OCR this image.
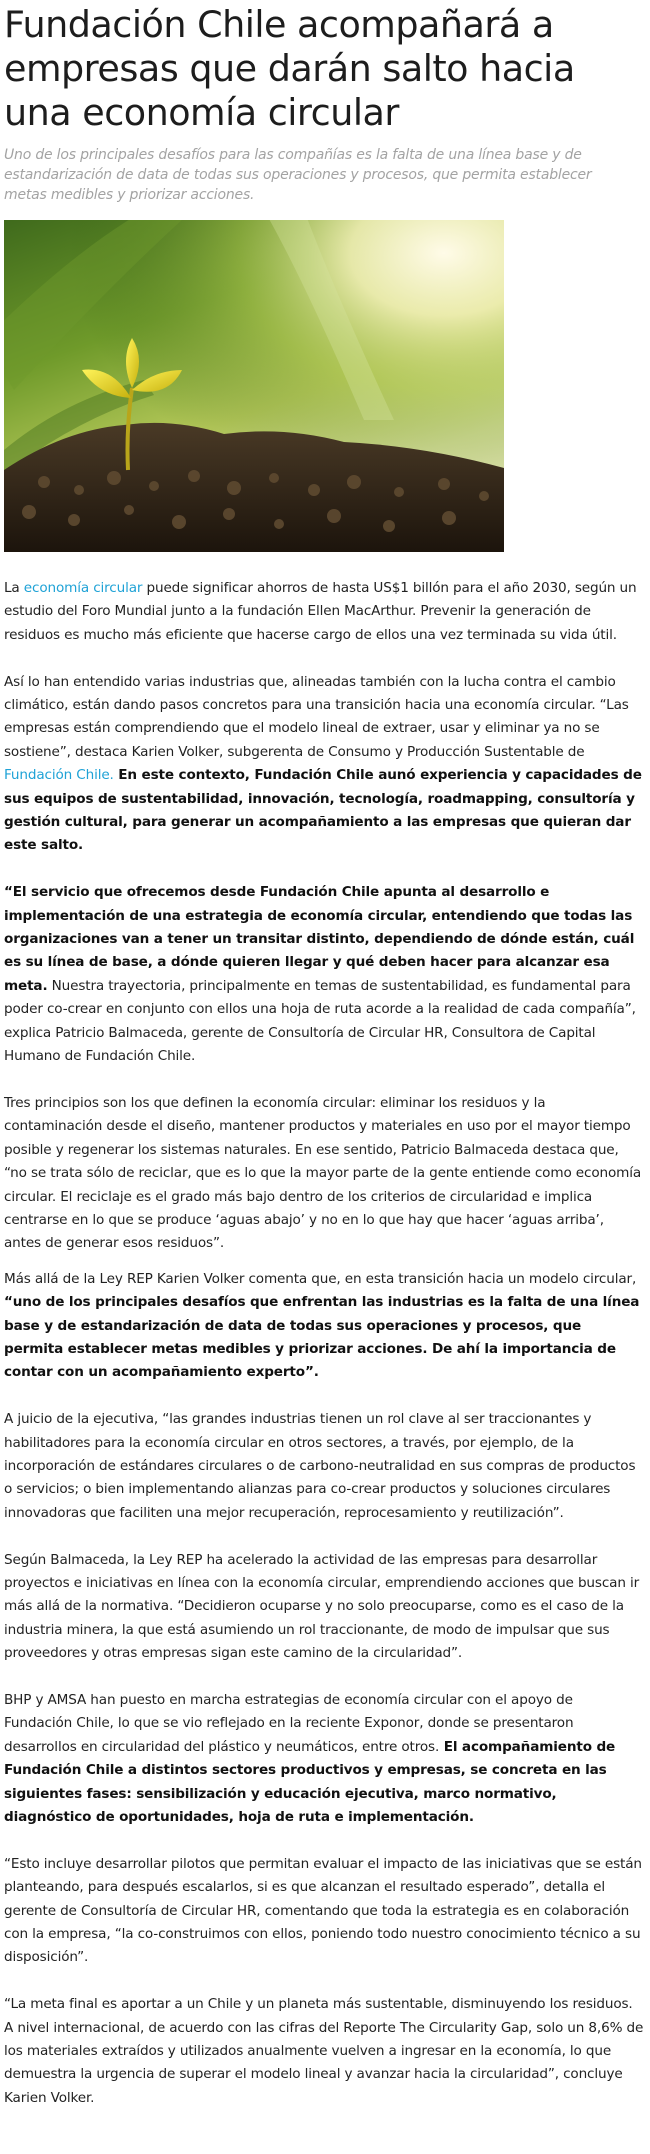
Fundación Chile acompañará a empresas que darán salto hacia una economía circular

Uno de los principales desafíos para las compañías es la falta de una línea base y de estandarización de data de todas sus operaciones y procesos, que permita establecer metas medibles y priorizar acciones.

La economía circular puede significar ahorros de hasta US$1 billón para el año 2030, según un estudio del Foro Mundial junto a la fundación Ellen MacArthur. Prevenir la generación de residuos es mucho más eficiente que hacerse cargo de ellos una vez terminada su vida útil.

Así lo han entendido varias industrias que, alineadas también con la lucha contra el cambio climático, están dando pasos concretos para una transición hacia una economía circular. “Las empresas están comprendiendo que el modelo lineal de extraer, usar y eliminar ya no se sostiene”, destaca Karien Volker, subgerenta de Consumo y Producción Sustentable de Fundación Chile. En este contexto, Fundación Chile aunó experiencia y capacidades de sus equipos de sustentabilidad, innovación, tecnología, roadmapping, consultoría y gestión cultural, para generar un acompañamiento a las empresas que quieran dar este salto.

“El servicio que ofrecemos desde Fundación Chile apunta al desarrollo e implementación de una estrategia de economía circular, entendiendo que todas las organizaciones van a tener un transitar distinto, dependiendo de dónde están, cuál es su línea de base, a dónde quieren llegar y qué deben hacer para alcanzar esa meta. Nuestra trayectoria, principalmente en temas de sustentabilidad, es fundamental para poder co-crear en conjunto con ellos una hoja de ruta acorde a la realidad de cada compañía”, explica Patricio Balmaceda, gerente de Consultoría de Circular HR, Consultora de Capital Humano de Fundación Chile.

Tres principios son los que definen la economía circular: eliminar los residuos y la contaminación desde el diseño, mantener productos y materiales en uso por el mayor tiempo posible y regenerar los sistemas naturales. En ese sentido, Patricio Balmaceda destaca que, “no se trata sólo de reciclar, que es lo que la mayor parte de la gente entiende como economía circular. El reciclaje es el grado más bajo dentro de los criterios de circularidad e implica centrarse en lo que se produce ‘aguas abajo’ y no en lo que hay que hacer ‘aguas arriba’, antes de generar esos residuos”.

Más allá de la Ley REP Karien Volker comenta que, en esta transición hacia un modelo circular, “uno de los principales desafíos que enfrentan las industrias es la falta de una línea base y de estandarización de data de todas sus operaciones y procesos, que permita establecer metas medibles y priorizar acciones. De ahí la importancia de contar con un acompañamiento experto”.

A juicio de la ejecutiva, “las grandes industrias tienen un rol clave al ser traccionantes y habilitadores para la economía circular en otros sectores, a través, por ejemplo, de la incorporación de estándares circulares o de carbono-neutralidad en sus compras de productos o servicios; o bien implementando alianzas para co-crear productos y soluciones circulares innovadoras que faciliten una mejor recuperación, reprocesamiento y reutilización”.

Según Balmaceda, la Ley REP ha acelerado la actividad de las empresas para desarrollar proyectos e iniciativas en línea con la economía circular, emprendiendo acciones que buscan ir más allá de la normativa. “Decidieron ocuparse y no solo preocuparse, como es el caso de la industria minera, la que está asumiendo un rol traccionante, de modo de impulsar que sus proveedores y otras empresas sigan este camino de la circularidad”.

BHP y AMSA han puesto en marcha estrategias de economía circular con el apoyo de Fundación Chile, lo que se vio reflejado en la reciente Exponor, donde se presentaron desarrollos en circularidad del plástico y neumáticos, entre otros. El acompañamiento de Fundación Chile a distintos sectores productivos y empresas, se concreta en las siguientes fases: sensibilización y educación ejecutiva, marco normativo, diagnóstico de oportunidades, hoja de ruta e implementación.

“Esto incluye desarrollar pilotos que permitan evaluar el impacto de las iniciativas que se están planteando, para después escalarlos, si es que alcanzan el resultado esperado”, detalla el gerente de Consultoría de Circular HR, comentando que toda la estrategia es en colaboración con la empresa, “la co-construimos con ellos, poniendo todo nuestro conocimiento técnico a su disposición”.

“La meta final es aportar a un Chile y un planeta más sustentable, disminuyendo los residuos. A nivel internacional, de acuerdo con las cifras del Reporte The Circularity Gap, solo un 8,6% de los materiales extraídos y utilizados anualmente vuelven a ingresar en la economía, lo que demuestra la urgencia de superar el modelo lineal y avanzar hacia la circularidad”, concluye Karien Volker.
